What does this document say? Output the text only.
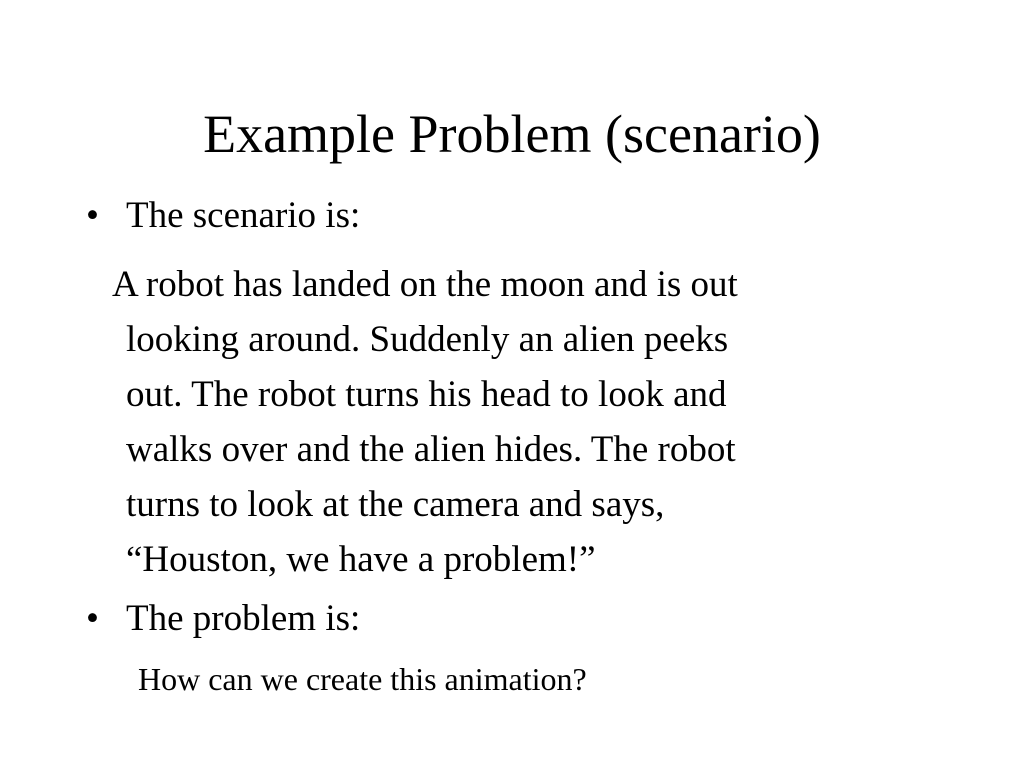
Example Problem (scenario)
• The scenario is:
A robot has landed on the moon and is out
looking around. Suddenly an alien peeks
out. The robot turns his head to look and
walks over and the alien hides. The robot
turns to look at the camera and says,
“Houston, we have a problem!”
• The problem is:

How can we create this animation?
